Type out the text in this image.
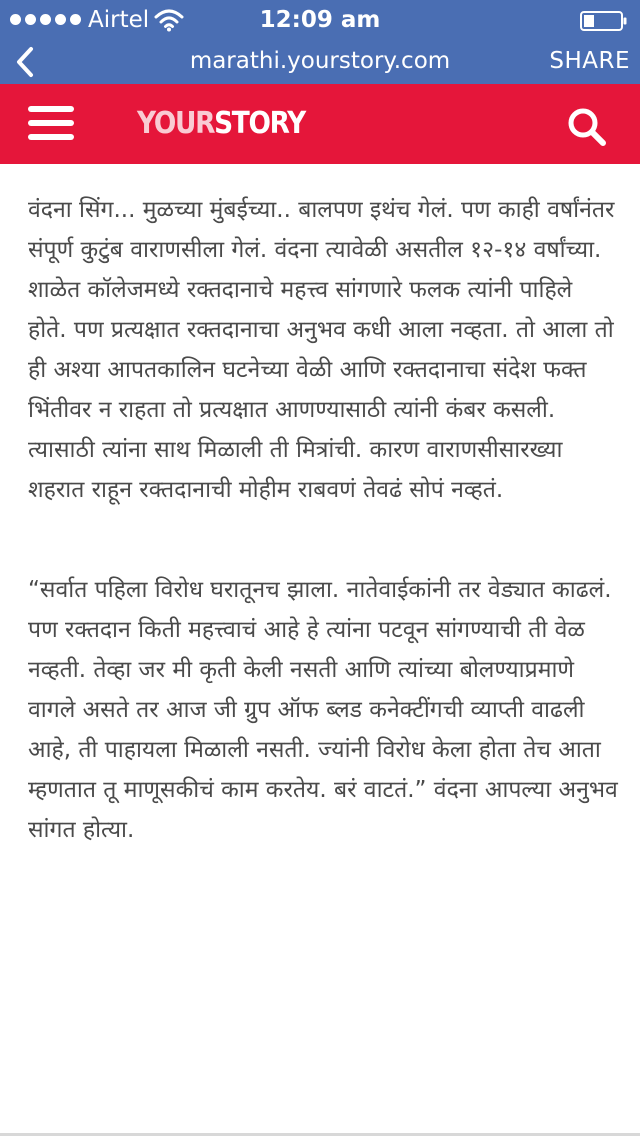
Airtel	12:09 am
marathi.yourstory.com	SHARE
YOURSTORY

वंदना सिंग... मुळच्या मुंबईच्या.. बालपण इथंच गेलं. पण काही वर्षांनंतर संपूर्ण कुटुंब वाराणसीला गेलं. वंदना त्यावेळी असतील १२-१४ वर्षांच्या. शाळेत कॉलेजमध्ये रक्तदानाचे महत्त्व सांगणारे फलक त्यांनी पाहिले होते. पण प्रत्यक्षात रक्तदानाचा अनुभव कधी आला नव्हता. तो आला तो ही अश्या आपतकालिन घटनेच्या वेळी आणि रक्तदानाचा संदेश फक्त भिंतीवर न राहता तो प्रत्यक्षात आणण्यासाठी त्यांनी कंबर कसली. त्यासाठी त्यांना साथ मिळाली ती मित्रांची. कारण वाराणसीसारख्या शहरात राहून रक्तदानाची मोहीम राबवणं तेवढं सोपं नव्हतं.

“सर्वात पहिला विरोध घरातूनच झाला. नातेवाईकांनी तर वेड्यात काढलं. पण रक्तदान किती महत्त्वाचं आहे हे त्यांना पटवून सांगण्याची ती वेळ नव्हती. तेव्हा जर मी कृती केली नसती आणि त्यांच्या बोलण्याप्रमाणे वागले असते तर आज जी ग्रुप ऑफ ब्लड कनेक्टींगची व्याप्ती वाढली आहे, ती पाहायला मिळाली नसती. ज्यांनी विरोध केला होता तेच आता म्हणतात तू माणूसकीचं काम करतेय. बरं वाटतं.” वंदना आपल्या अनुभव सांगत होत्या.
